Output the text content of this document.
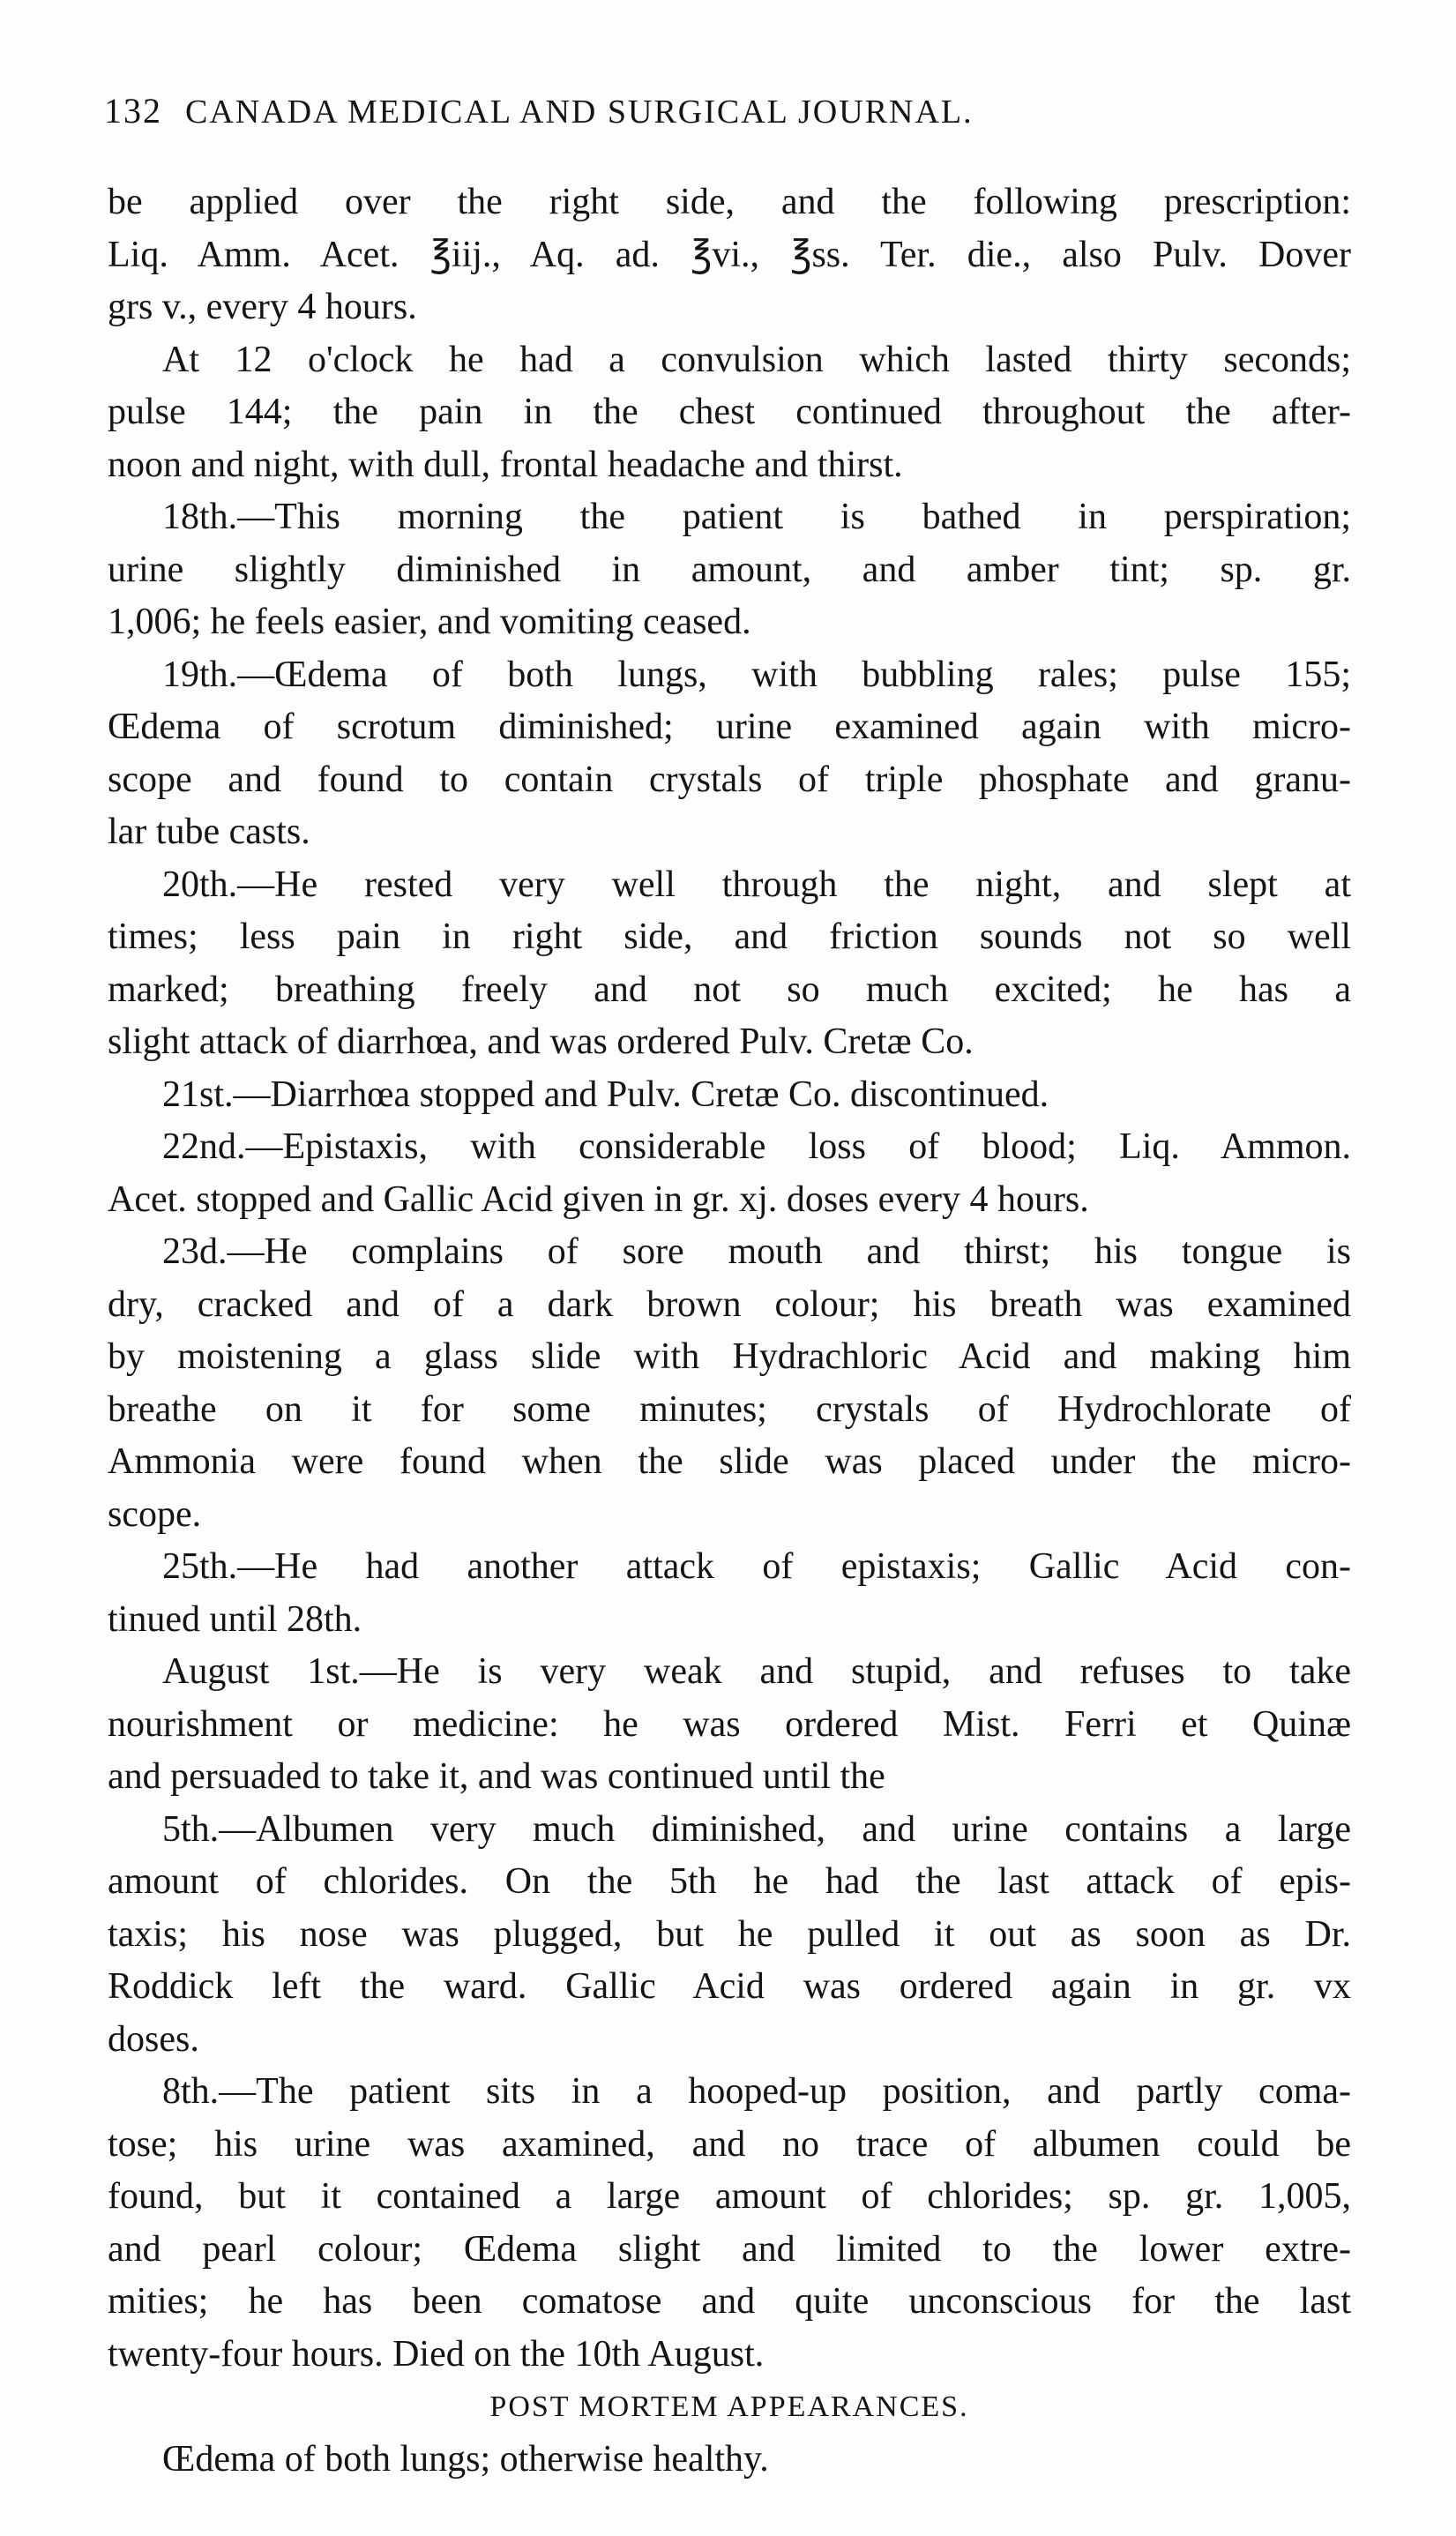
132 CANADA MEDICAL AND SURGICAL JOURNAL.
be applied over the right side, and the following prescription:
Liq. Amm. Acet. ℥iij., Aq. ad. ℥vi., ℥ss. Ter. die., also Pulv. Dover
grs v., every 4 hours.
At 12 o'clock he had a convulsion which lasted thirty seconds;
pulse 144; the pain in the chest continued throughout the after-
noon and night, with dull, frontal headache and thirst.
18th.—This morning the patient is bathed in perspiration;
urine slightly diminished in amount, and amber tint; sp. gr.
1,006; he feels easier, and vomiting ceased.
19th.—Œdema of both lungs, with bubbling rales; pulse 155;
Œdema of scrotum diminished; urine examined again with micro-
scope and found to contain crystals of triple phosphate and granu-
lar tube casts.
20th.—He rested very well through the night, and slept at
times; less pain in right side, and friction sounds not so well
marked; breathing freely and not so much excited; he has a
slight attack of diarrhœa, and was ordered Pulv. Cretæ Co.
21st.—Diarrhœa stopped and Pulv. Cretæ Co. discontinued.
22nd.—Epistaxis, with considerable loss of blood; Liq. Ammon.
Acet. stopped and Gallic Acid given in gr. xj. doses every 4 hours.
23d.—He complains of sore mouth and thirst; his tongue is
dry, cracked and of a dark brown colour; his breath was examined
by moistening a glass slide with Hydrachloric Acid and making him
breathe on it for some minutes; crystals of Hydrochlorate of
Ammonia were found when the slide was placed under the micro-
scope.
25th.—He had another attack of epistaxis; Gallic Acid con-
tinued until 28th.
August 1st.—He is very weak and stupid, and refuses to take
nourishment or medicine: he was ordered Mist. Ferri et Quinæ
and persuaded to take it, and was continued until the
5th.—Albumen very much diminished, and urine contains a large
amount of chlorides. On the 5th he had the last attack of epis-
taxis; his nose was plugged, but he pulled it out as soon as Dr.
Roddick left the ward. Gallic Acid was ordered again in gr. vx
doses.
8th.—The patient sits in a hooped-up position, and partly coma-
tose; his urine was axamined, and no trace of albumen could be
found, but it contained a large amount of chlorides; sp. gr. 1,005,
and pearl colour; Œdema slight and limited to the lower extre-
mities; he has been comatose and quite unconscious for the last
twenty-four hours. Died on the 10th August.
POST MORTEM APPEARANCES.
Œdema of both lungs; otherwise healthy.
